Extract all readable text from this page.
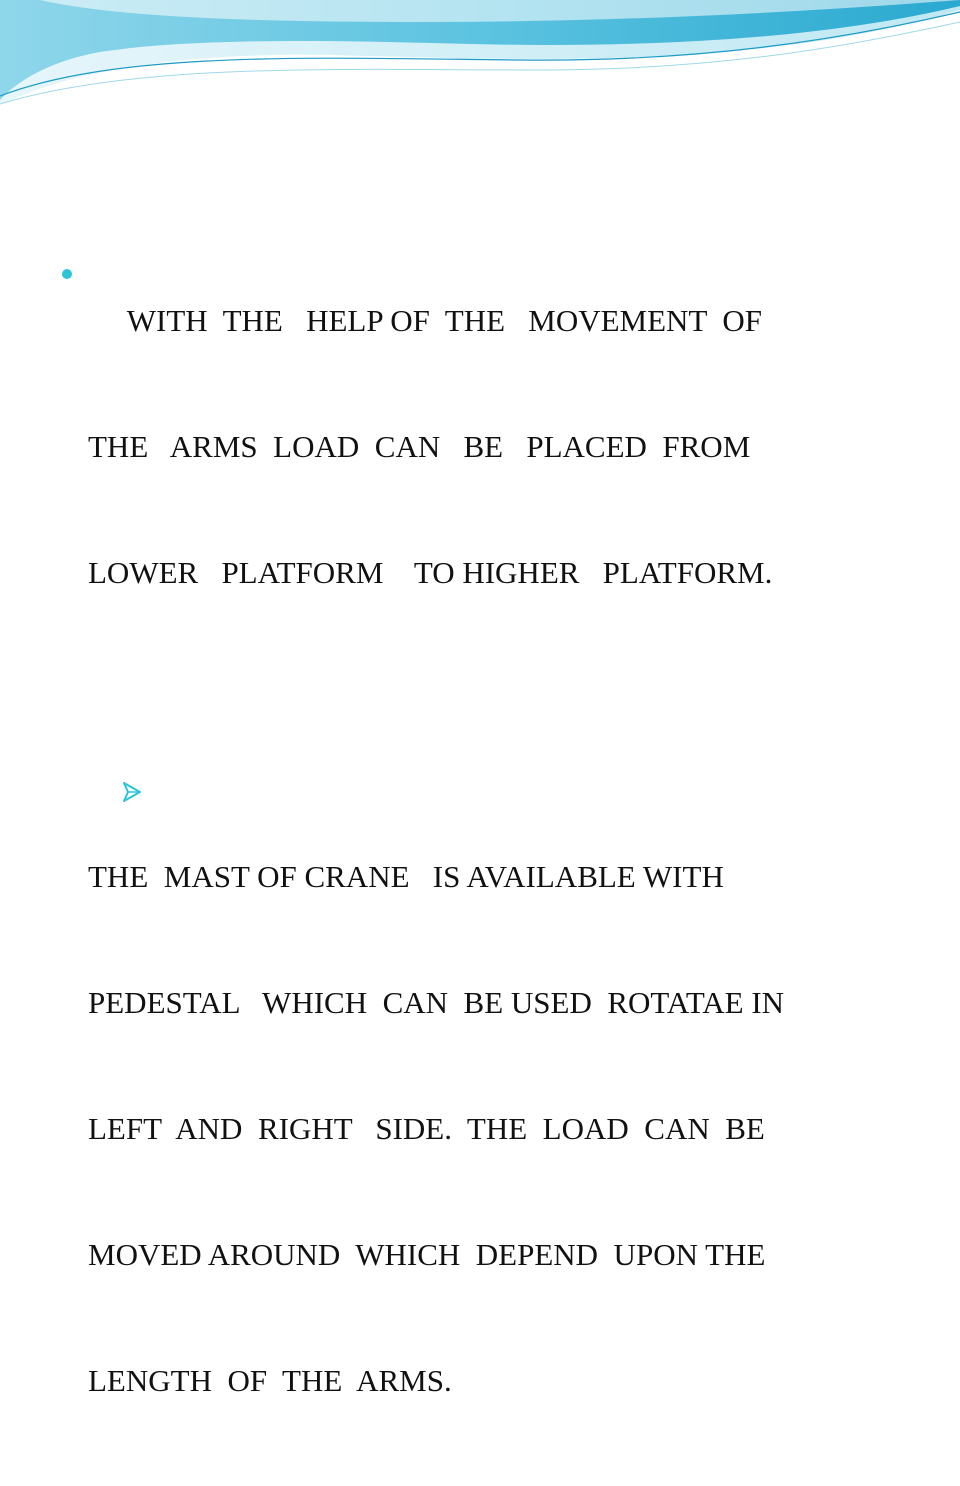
WITH  THE   HELP OF  THE   MOVEMENT  OF

THE   ARMS  LOAD  CAN   BE   PLACED  FROM

LOWER   PLATFORM    TO HIGHER   PLATFORM.

THE  MAST OF CRANE   IS AVAILABLE WITH

PEDESTAL   WHICH  CAN  BE USED  ROTATAE IN

LEFT  AND  RIGHT   SIDE.  THE  LOAD  CAN  BE

MOVED AROUND  WHICH  DEPEND  UPON THE

LENGTH  OF  THE  ARMS.
